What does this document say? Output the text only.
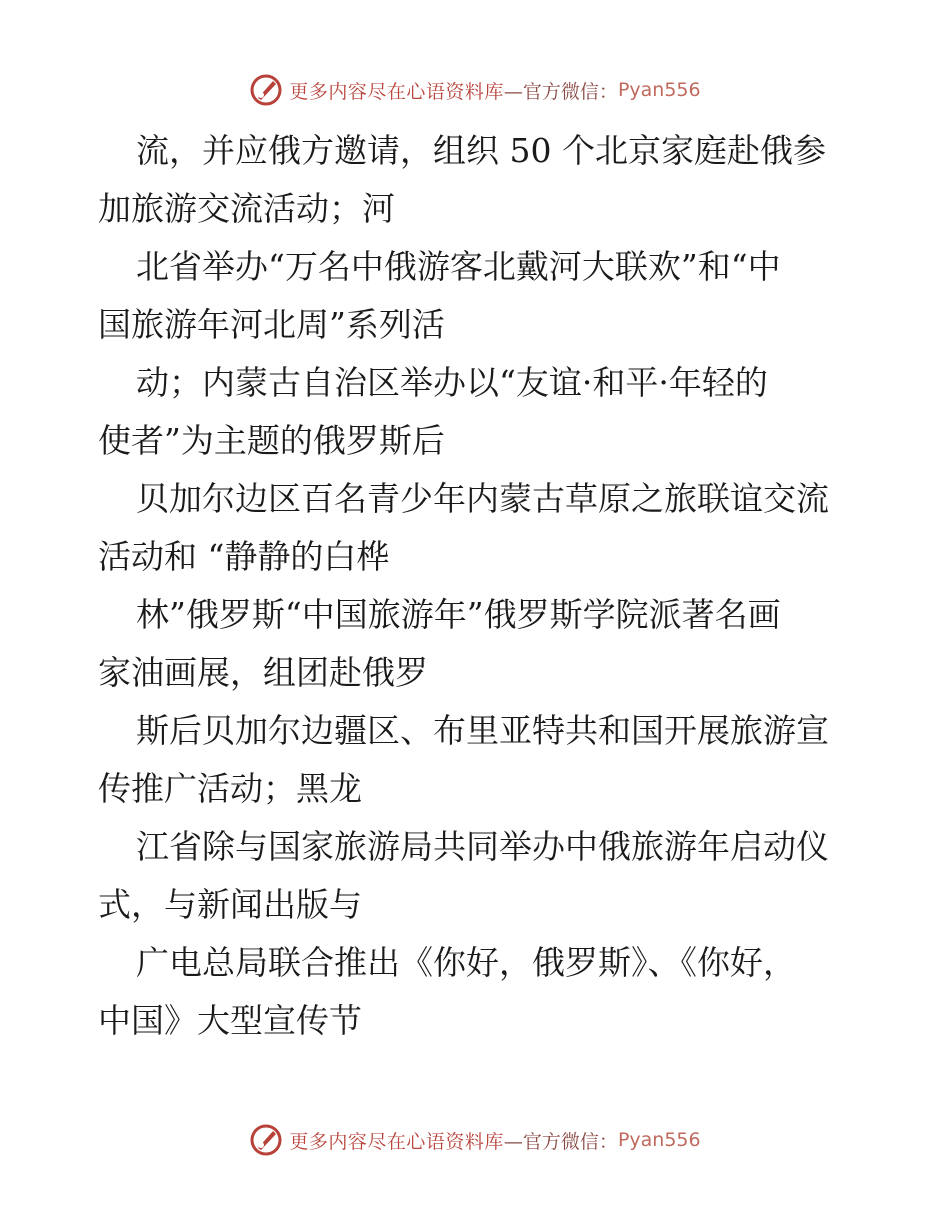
更多内容尽在心语资料库 —官方微信： Pyan556

流，并应俄方邀请，组织 50 个北京家庭赴俄参
加旅游交流活动；河

北省举办“万名中俄游客北戴河大联欢”和“中
国旅游年河北周”系列活

动；内蒙古自治区举办以“友谊·和平·年轻的
使者”为主题的俄罗斯后

贝加尔边区百名青少年内蒙古草原之旅联谊交流
活动和 “静静的白桦

林”俄罗斯“中国旅游年”俄罗斯学院派著名画
家油画展，组团赴俄罗

斯后贝加尔边疆区、布里亚特共和国开展旅游宣
传推广活动；黑龙

江省除与国家旅游局共同举办中俄旅游年启动仪
式，与新闻出版与

广电总局联合推出《你好，俄罗斯》、《你好，
中国》大型宣传节

更多内容尽在心语资料库 —官方微信： Pyan556
